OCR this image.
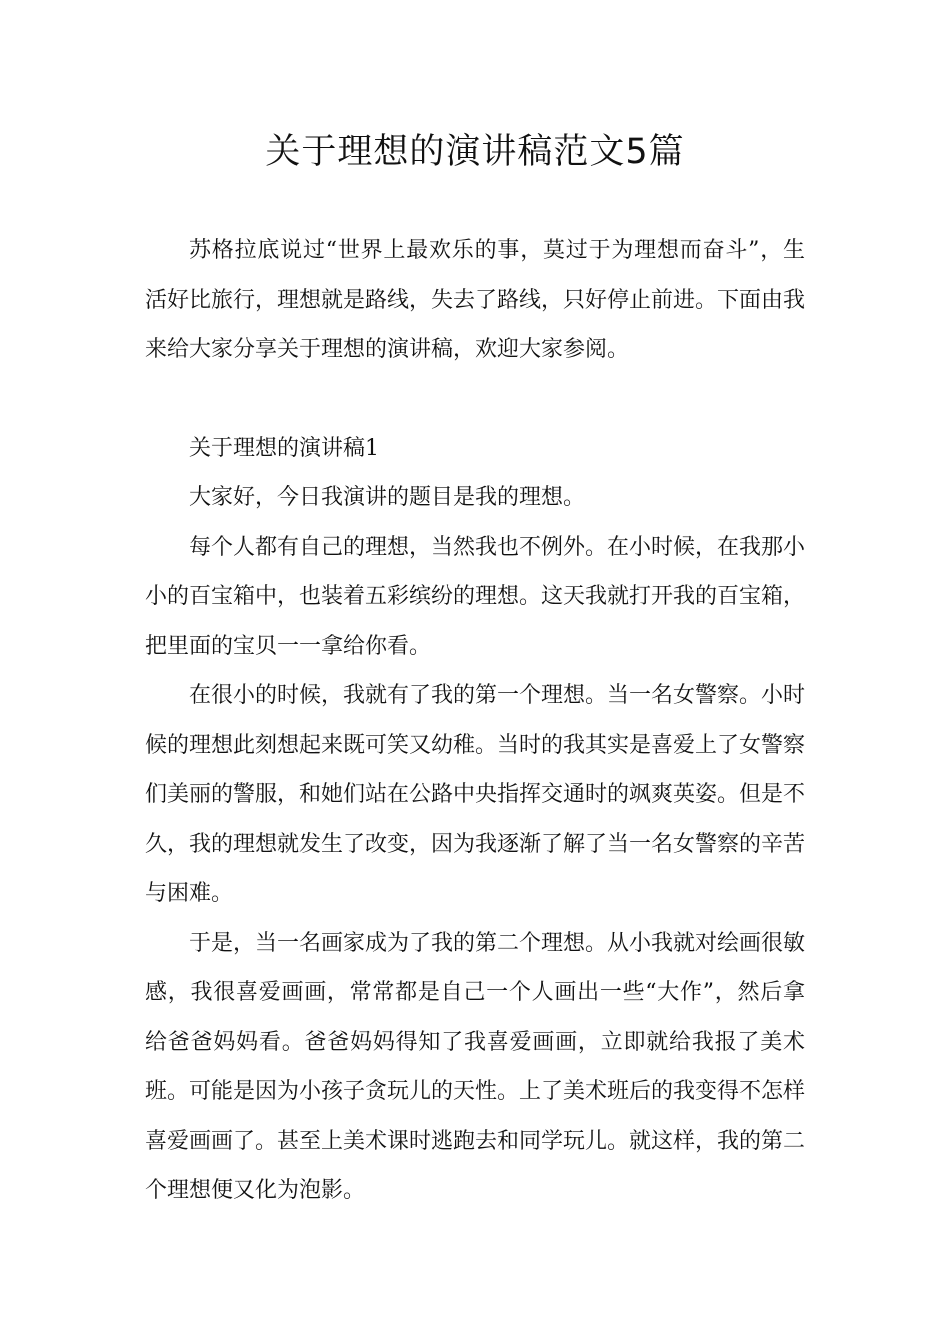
关于理想的演讲稿范文5篇

苏格拉底说过“世界上最欢乐的事，莫过于为理想而奋斗”，生活好比旅行，理想就是路线，失去了路线，只好停止前进。下面由我来给大家分享关于理想的演讲稿，欢迎大家参阅。

关于理想的演讲稿1

大家好，今日我演讲的题目是我的理想。

每个人都有自己的理想，当然我也不例外。在小时候，在我那小小的百宝箱中，也装着五彩缤纷的理想。这天我就打开我的百宝箱，把里面的宝贝一一拿给你看。

在很小的时候，我就有了我的第一个理想。当一名女警察。小时候的理想此刻想起来既可笑又幼稚。当时的我其实是喜爱上了女警察们美丽的警服，和她们站在公路中央指挥交通时的飒爽英姿。但是不久，我的理想就发生了改变，因为我逐渐了解了当一名女警察的辛苦与困难。

于是，当一名画家成为了我的第二个理想。从小我就对绘画很敏感，我很喜爱画画，常常都是自己一个人画出一些“大作”，然后拿给爸爸妈妈看。爸爸妈妈得知了我喜爱画画，立即就给我报了美术班。可能是因为小孩子贪玩儿的天性。上了美术班后的我变得不怎样喜爱画画了。甚至上美术课时逃跑去和同学玩儿。就这样，我的第二个理想便又化为泡影。
